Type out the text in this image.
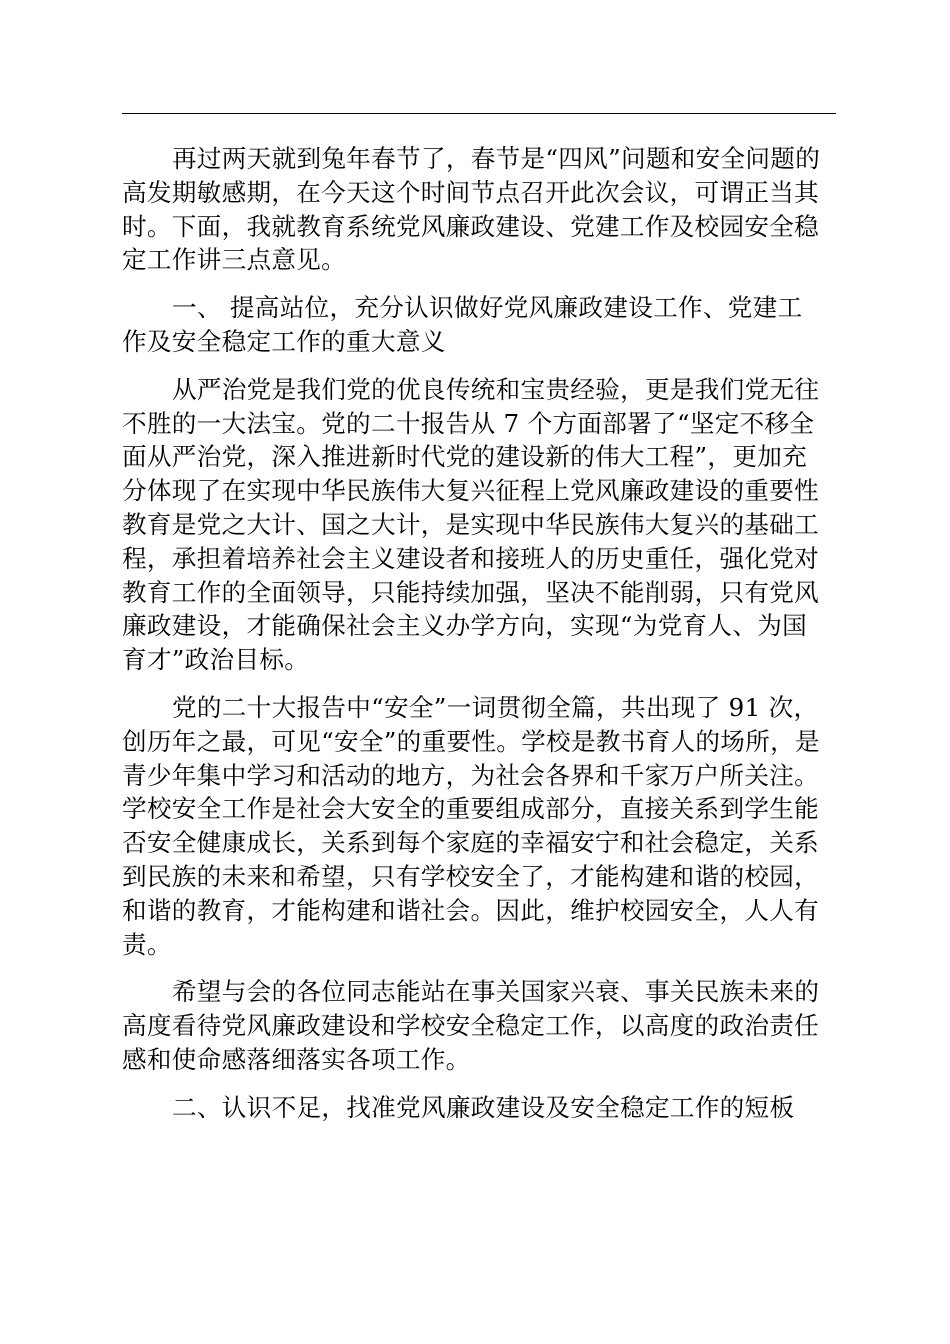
再过两天就到兔年春节了，春节是“四风”问题和安全问题的
高发期敏感期，在今天这个时间节点召开此次会议，可谓正当其
时。下面，我就教育系统党风廉政建设、党建工作及校园安全稳
定工作讲三点意见。

一、 提高站位，充分认识做好党风廉政建设工作、党建工
作及安全稳定工作的重大意义

从严治党是我们党的优良传统和宝贵经验，更是我们党无往
不胜的一大法宝。党的二十报告从 7 个方面部署了“坚定不移全
面从严治党，深入推进新时代党的建设新的伟大工程”，更加充
分体现了在实现中华民族伟大复兴征程上党风廉政建设的重要性
教育是党之大计、国之大计，是实现中华民族伟大复兴的基础工
程，承担着培养社会主义建设者和接班人的历史重任，强化党对
教育工作的全面领导，只能持续加强，坚决不能削弱，只有党风
廉政建设，才能确保社会主义办学方向，实现“为党育人、为国
育才”政治目标。

党的二十大报告中“安全”一词贯彻全篇，共出现了 91 次，
创历年之最，可见“安全”的重要性。学校是教书育人的场所，是
青少年集中学习和活动的地方，为社会各界和千家万户所关注。
学校安全工作是社会大安全的重要组成部分，直接关系到学生能
否安全健康成长，关系到每个家庭的幸福安宁和社会稳定，关系
到民族的未来和希望，只有学校安全了，才能构建和谐的校园，
和谐的教育，才能构建和谐社会。因此，维护校园安全，人人有
责。

希望与会的各位同志能站在事关国家兴衰、事关民族未来的
高度看待党风廉政建设和学校安全稳定工作，以高度的政治责任
感和使命感落细落实各项工作。

二、认识不足，找准党风廉政建设及安全稳定工作的短板
